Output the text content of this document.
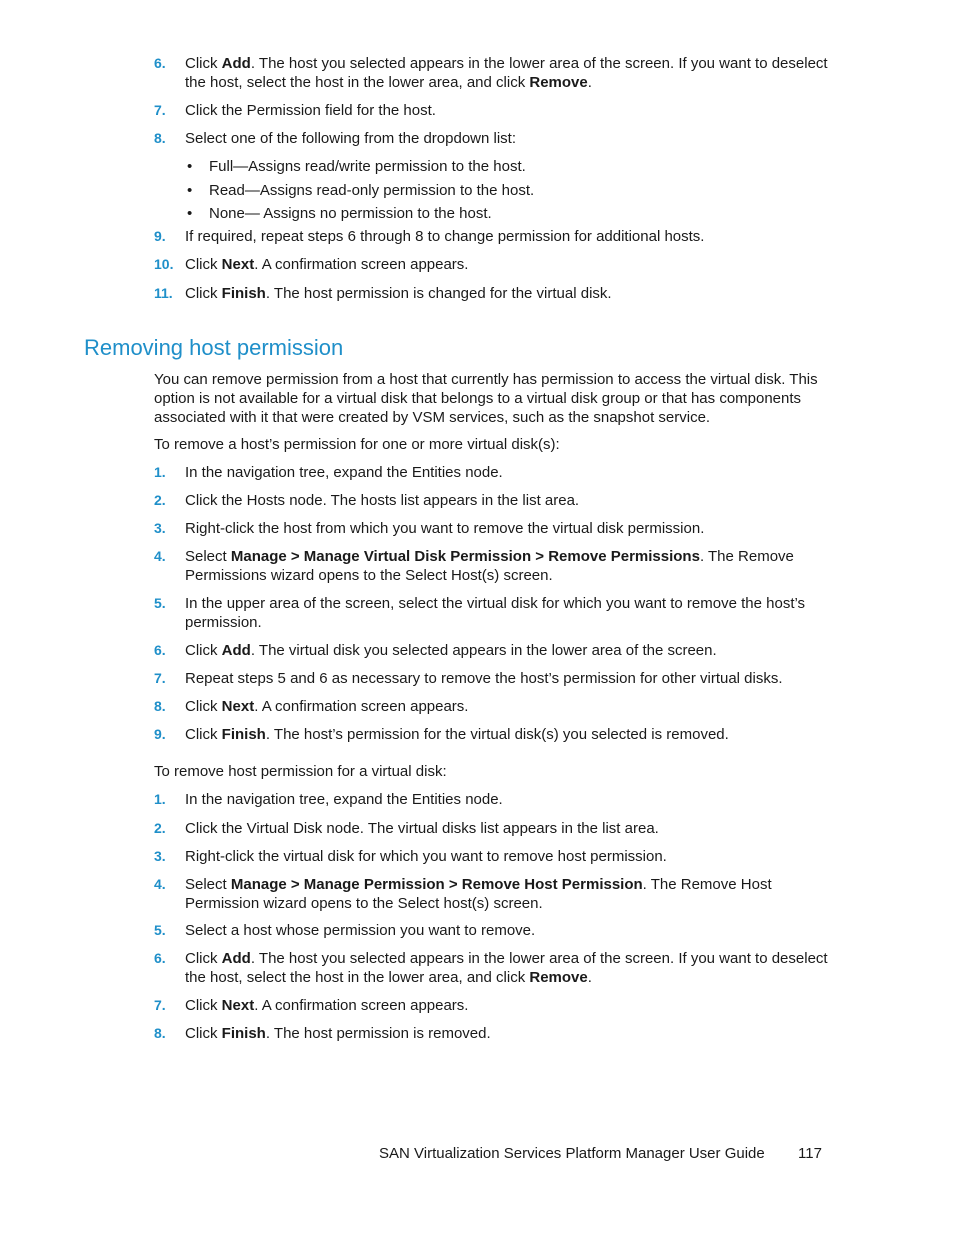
6.	Click Add. The host you selected appears in the lower area of the screen. If you want to deselect the host, select the host in the lower area, and click Remove.
7.	Click the Permission field for the host.
8.	Select one of the following from the dropdown list:
• Full—Assigns read/write permission to the host.
• Read—Assigns read-only permission to the host.
• None— Assigns no permission to the host.
9.	If required, repeat steps 6 through 8 to change permission for additional hosts.
10. Click Next. A confirmation screen appears.
11. Click Finish. The host permission is changed for the virtual disk.
Removing host permission
You can remove permission from a host that currently has permission to access the virtual disk. This option is not available for a virtual disk that belongs to a virtual disk group or that has components associated with it that were created by VSM services, such as the snapshot service.
To remove a host’s permission for one or more virtual disk(s):
1.	In the navigation tree, expand the Entities node.
2.	Click the Hosts node. The hosts list appears in the list area.
3.	Right-click the host from which you want to remove the virtual disk permission.
4.	Select Manage > Manage Virtual Disk Permission > Remove Permissions. The Remove Permissions wizard opens to the Select Host(s) screen.
5.	In the upper area of the screen, select the virtual disk for which you want to remove the host’s permission.
6.	Click Add. The virtual disk you selected appears in the lower area of the screen.
7.	Repeat steps 5 and 6 as necessary to remove the host’s permission for other virtual disks.
8.	Click Next. A confirmation screen appears.
9.	Click Finish. The host’s permission for the virtual disk(s) you selected is removed.
To remove host permission for a virtual disk:
1.	In the navigation tree, expand the Entities node.
2.	Click the Virtual Disk node. The virtual disks list appears in the list area.
3.	Right-click the virtual disk for which you want to remove host permission.
4.	Select Manage > Manage Permission > Remove Host Permission. The Remove Host Permission wizard opens to the Select host(s) screen.
5.	Select a host whose permission you want to remove.
6.	Click Add. The host you selected appears in the lower area of the screen. If you want to deselect the host, select the host in the lower area, and click Remove.
7.	Click Next. A confirmation screen appears.
8.	Click Finish. The host permission is removed.
SAN Virtualization Services Platform Manager User Guide 117
